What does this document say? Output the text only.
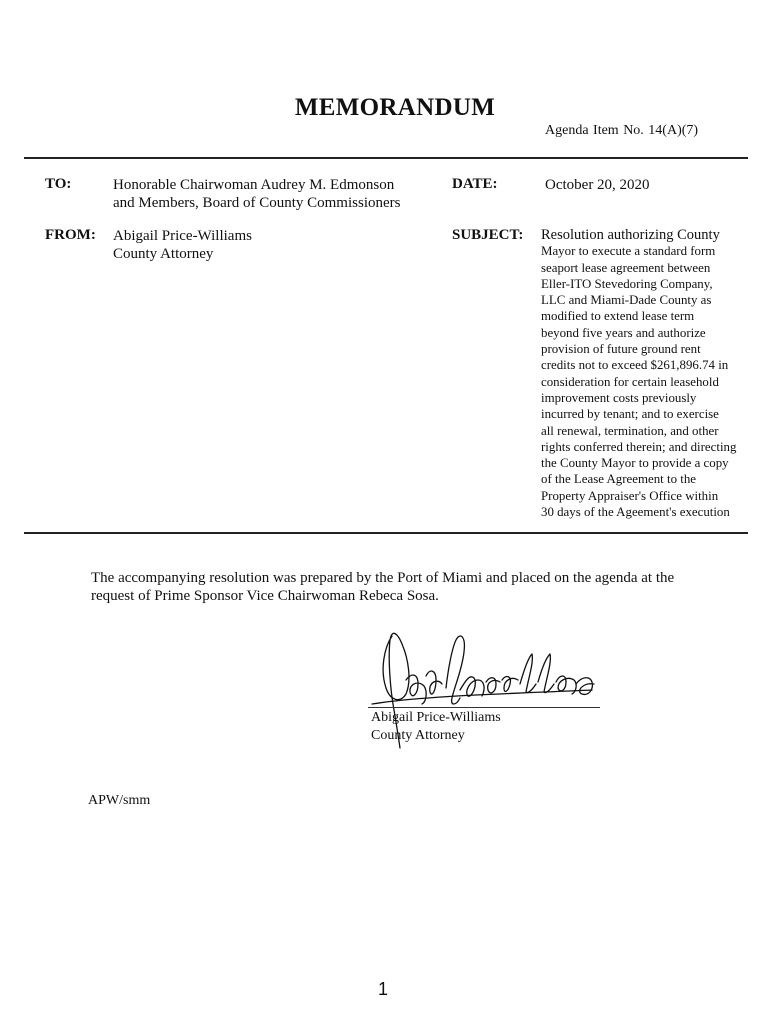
MEMORANDUM
Agenda Item No. 14(A)(7)
TO:	Honorable Chairwoman Audrey M. Edmonson
and Members, Board of County Commissioners
DATE:	October 20, 2020
FROM: Abigail Price-Williams
County Attorney
SUBJECT: Resolution authorizing County
Mayor to execute a standard form
seaport lease agreement between
Eller-ITO Stevedoring Company,
LLC and Miami-Dade County as
modified to extend lease term
beyond five years and authorize
provision of future ground rent
credits not to exceed $261,896.74 in
consideration for certain leasehold
improvement costs previously
incurred by tenant; and to exercise
all renewal, termination, and other
rights conferred therein; and directing
the County Mayor to provide a copy
of the Lease Agreement to the
Property Appraiser's Office within
30 days of the Ageement's execution
The accompanying resolution was prepared by the Port of Miami and placed on the agenda at the
request of Prime Sponsor Vice Chairwoman Rebeca Sosa.
Abigail Price-Williams
County Attorney
APW/smm
1
